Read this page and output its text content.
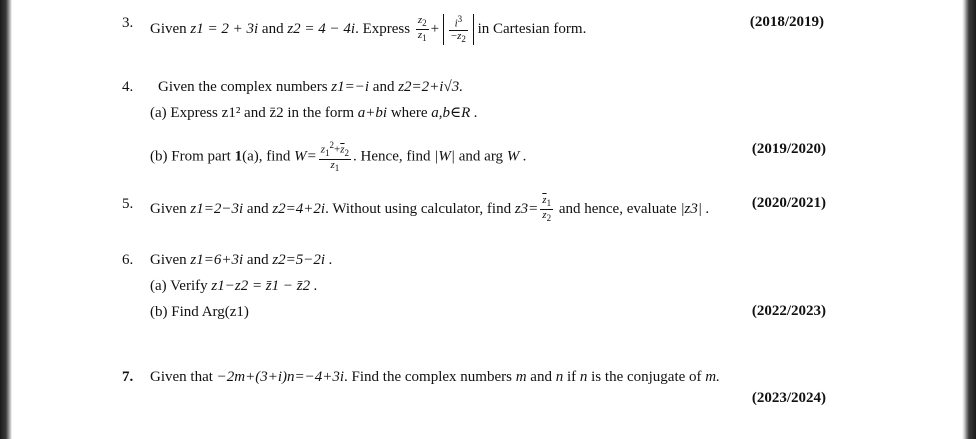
3. Given z1 = 2 + 3i and z2 = 4 − 4i. Express $\frac{z_2}{z_1} + \frac{i^3}{-z_2}$ in Cartesian form.	(2018/2019)
4. Given the complex numbers z1=−i and z2=2+i√3.
(a) Express z1² and z̄2 in the form a+bi where a,b∈R .
(b) From part 1(a), find $W= \frac{z_1^2+\overline{z}_2}{z_1}$ . Hence, find |W| and arg W .	(2019/2020)
5. Given z1=2−3i and z2=4+2i. Without using calculator, find $z3= \frac{\overline{z}_1}{z_2}$ and hence, evaluate |z3| .	(2020/2021)
6. Given z1=6+3i and z2=5−2i .
(a) Verify z1−z2 = z̄1 − z̄2 .
(b) Find Arg(z1)	(2022/2023)
7. Given that −2m+(3+i)n=−4+3i. Find the complex numbers m and n if n is the conjugate of m.
(2023/2024)
